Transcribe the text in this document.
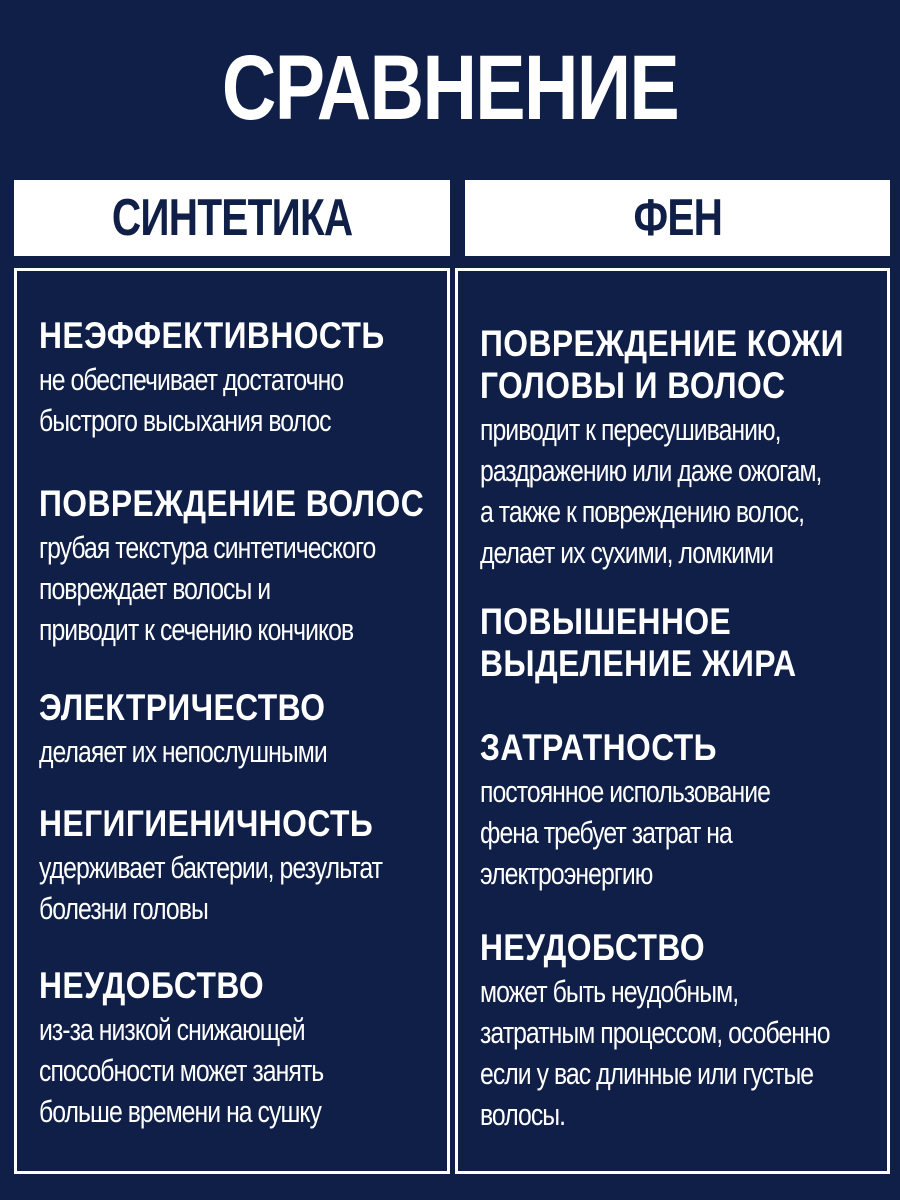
СРАВНЕНИЕ
СИНТЕТИКА	ФЕН
НЕЭФФЕКТИВНОСТЬ
не обеспечивает достаточно
быстрого высыхания волос
ПОВРЕЖДЕНИЕ ВОЛОС
грубая текстура синтетического
повреждает волосы и
приводит к сечению кончиков
ЭЛЕКТРИЧЕСТВО
делаяет их непослушными
НЕГИГИЕНИЧНОСТЬ
удерживает бактерии, результат
болезни головы
НЕУДОБСТВО
из-за низкой снижающей
способности может занять
больше времени на сушку
ПОВРЕЖДЕНИЕ КОЖИ
ГОЛОВЫ И ВОЛОС
приводит к пересушиванию,
раздражению или даже ожогам,
а также к повреждению волос,
делает их сухими, ломкими
ПОВЫШЕННОЕ
ВЫДЕЛЕНИЕ ЖИРА
ЗАТРАТНОСТЬ
постоянное использование
фена требует затрат на
электроэнергию
НЕУДОБСТВО
может быть неудобным,
затратным процессом, особенно
если у вас длинные или густые
волосы.
